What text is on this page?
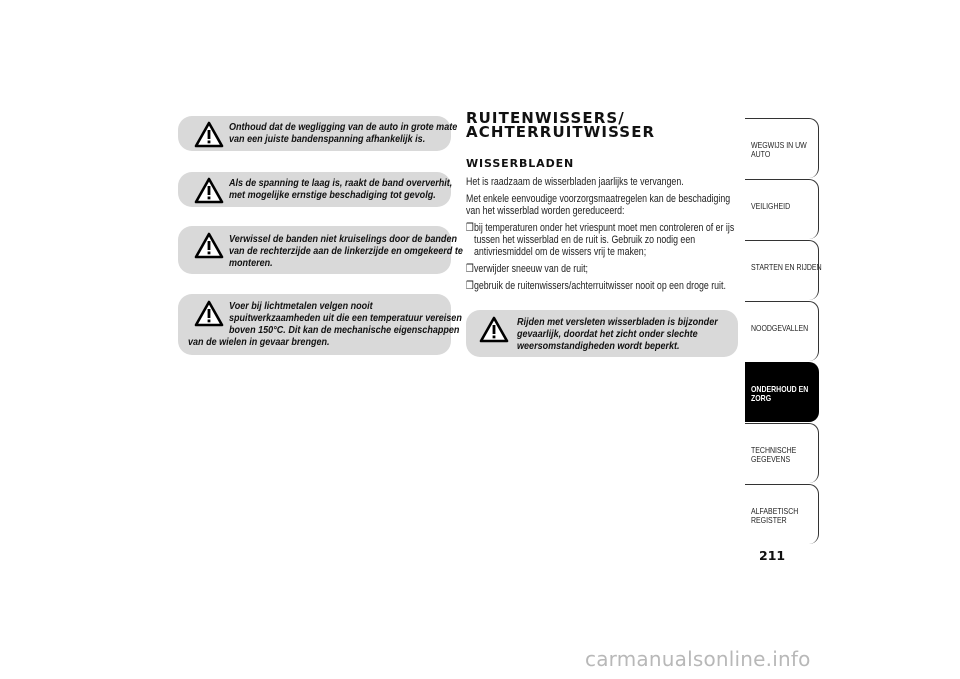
Onthoud dat de wegligging van de auto in grote mate
van een juiste bandenspanning afhankelijk is.
Als de spanning te laag is, raakt de band oververhit,
met mogelijke ernstige beschadiging tot gevolg.
Verwissel de banden niet kruiselings door de banden
van de rechterzijde aan de linkerzijde en omgekeerd te
monteren.
Voer bij lichtmetalen velgen nooit
spuitwerkzaamheden uit die een temperatuur vereisen
boven 150°C. Dit kan de mechanische eigenschappen
van de wielen in gevaar brengen.
RUITENWISSERS/
ACHTERRUITWISSER
WISSERBLADEN

Het is raadzaam de wisserbladen jaarlijks te vervangen.

Met enkele eenvoudige voorzorgsmaatregelen kan de beschadiging
van het wisserblad worden gereduceerd:

❒bij temperaturen onder het vriespunt moet men controleren of er ijs
tussen het wisserblad en de ruit is. Gebruik zo nodig een
antivriesmiddel om de wissers vrij te maken;
❒verwijder sneeuw van de ruit;
❒gebruik de ruitenwissers/achterruitwisser nooit op een droge ruit.
Rijden met versleten wisserbladen is bijzonder
gevaarlijk, doordat het zicht onder slechte
weersomstandigheden wordt beperkt.
WEGWIJS IN UW
AUTO
VEILIGHEID
STARTEN EN RIJDEN
NOODGEVALLEN
ONDERHOUD EN
ZORG
TECHNISCHE
GEGEVENS
ALFABETISCH
REGISTER
211
carmanualsonline.info
